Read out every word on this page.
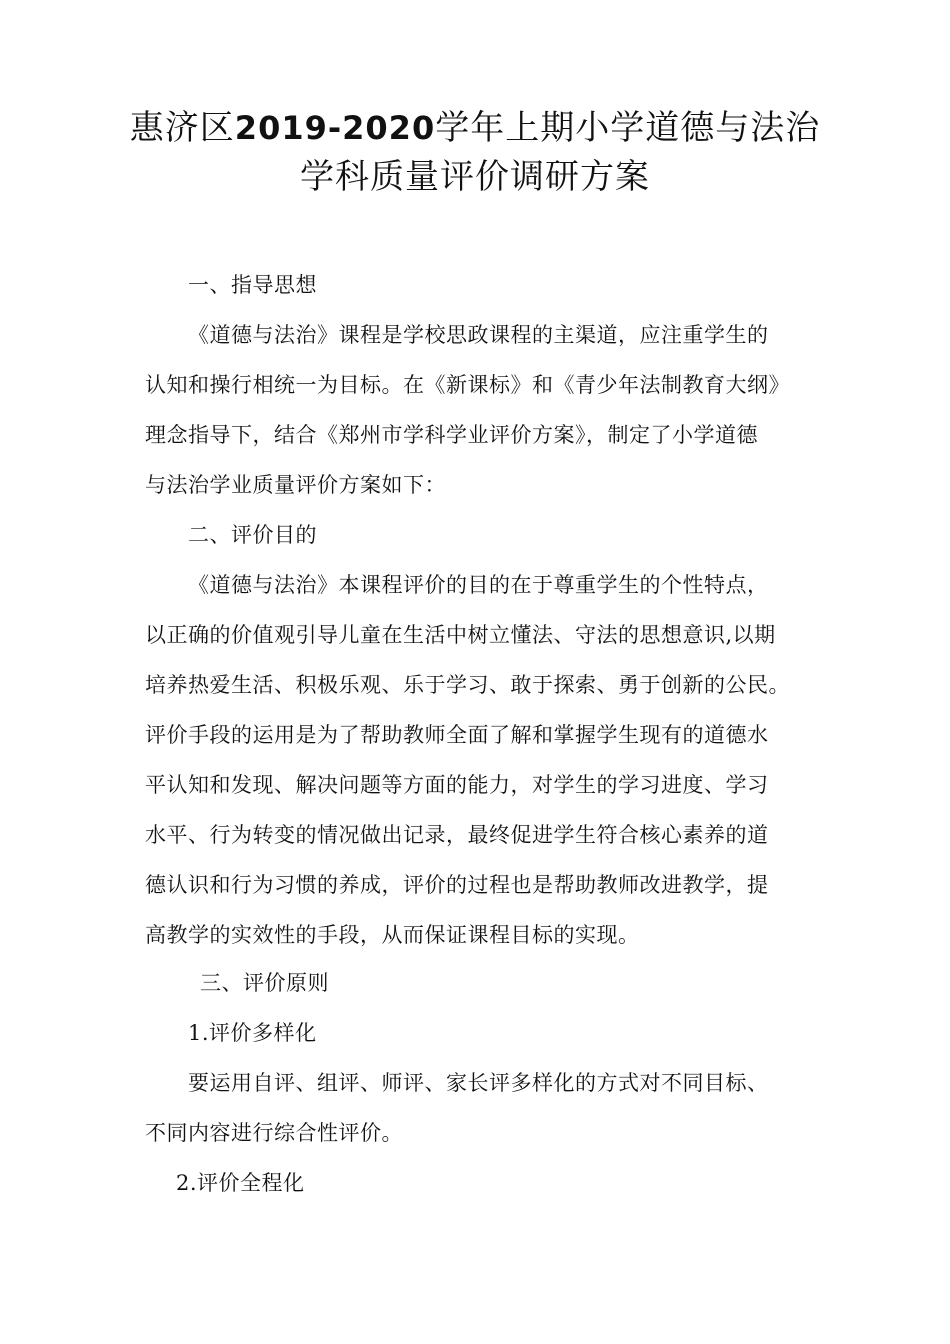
惠济区2019-2020学年上期小学道德与法治
学科质量评价调研方案
一、指导思想
《道德与法治》课程是学校思政课程的主渠道，应注重学生的
认知和操行相统一为目标。在《新课标》和《青少年法制教育大纲》
理念指导下，结合《郑州市学科学业评价方案》，制定了小学道德
与法治学业质量评价方案如下：
二、评价目的
《道德与法治》本课程评价的目的在于尊重学生的个性特点，
以正确的价值观引导儿童在生活中树立懂法、守法的思想意识,以期
培养热爱生活、积极乐观、乐于学习、敢于探索、勇于创新的公民。
评价手段的运用是为了帮助教师全面了解和掌握学生现有的道德水
平认知和发现、解决问题等方面的能力，对学生的学习进度、学习
水平、行为转变的情况做出记录，最终促进学生符合核心素养的道
德认识和行为习惯的养成，评价的过程也是帮助教师改进教学，提
高教学的实效性的手段，从而保证课程目标的实现。
三、评价原则
1.评价多样化
要运用自评、组评、师评、家长评多样化的方式对不同目标、
不同内容进行综合性评价。
2.评价全程化
